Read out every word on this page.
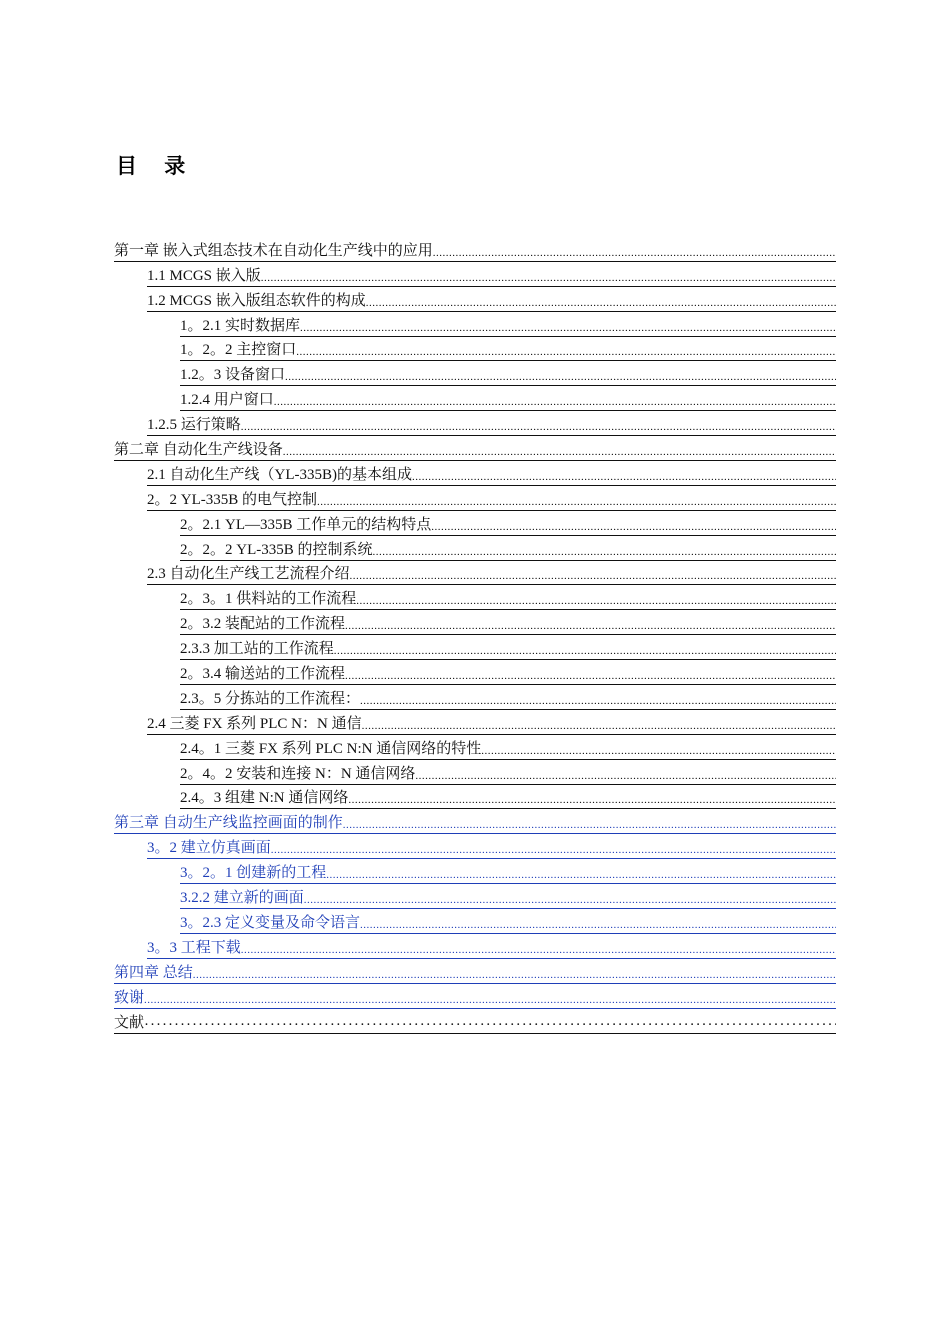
目 录
第一章 嵌入式组态技术在自动化生产线中的应用
.....
1.1 MCGS 嵌入版
.....
1.2 MCGS 嵌入版组态软件的构成
.....
1。2.1 实时数据库
.....
1。2。2 主控窗口
.....
1.2。3 设备窗口
.....
1.2.4 用户窗口
.....
1.2.5 运行策略
.....
第二章 自动化生产线设备
.....
2.1 自动化生产线（YL-335B)的基本组成
.....
2。2 YL-335B 的电气控制
.....
2。2.1 YL—335B 工作单元的结构特点
.....
2。2。2 YL-335B 的控制系统
.....
2.3 自动化生产线工艺流程介绍
.....
2。3。1 供料站的工作流程
.....
2。3.2 装配站的工作流程
.....
2.3.3 加工站的工作流程
.....
2。3.4 输送站的工作流程
.....
2.3。5 分拣站的工作流程：
.....
2.4 三菱 FX 系列 PLC N：N 通信
.....
2.4。1 三菱 FX 系列 PLC N:N 通信网络的特性
.....
2。4。2 安装和连接 N：N 通信网络
.....
2.4。3 组建 N:N 通信网络
.....
第三章 自动生产线监控画面的制作
.....
3。2 建立仿真画面
.....
3。2。1 创建新的工程
.....
3.2.2 建立新的画面
.....
3。2.3 定义变量及命令语言
.....
3。3 工程下载
.....
第四章 总结
.....
致谢
.....
文献
·····
